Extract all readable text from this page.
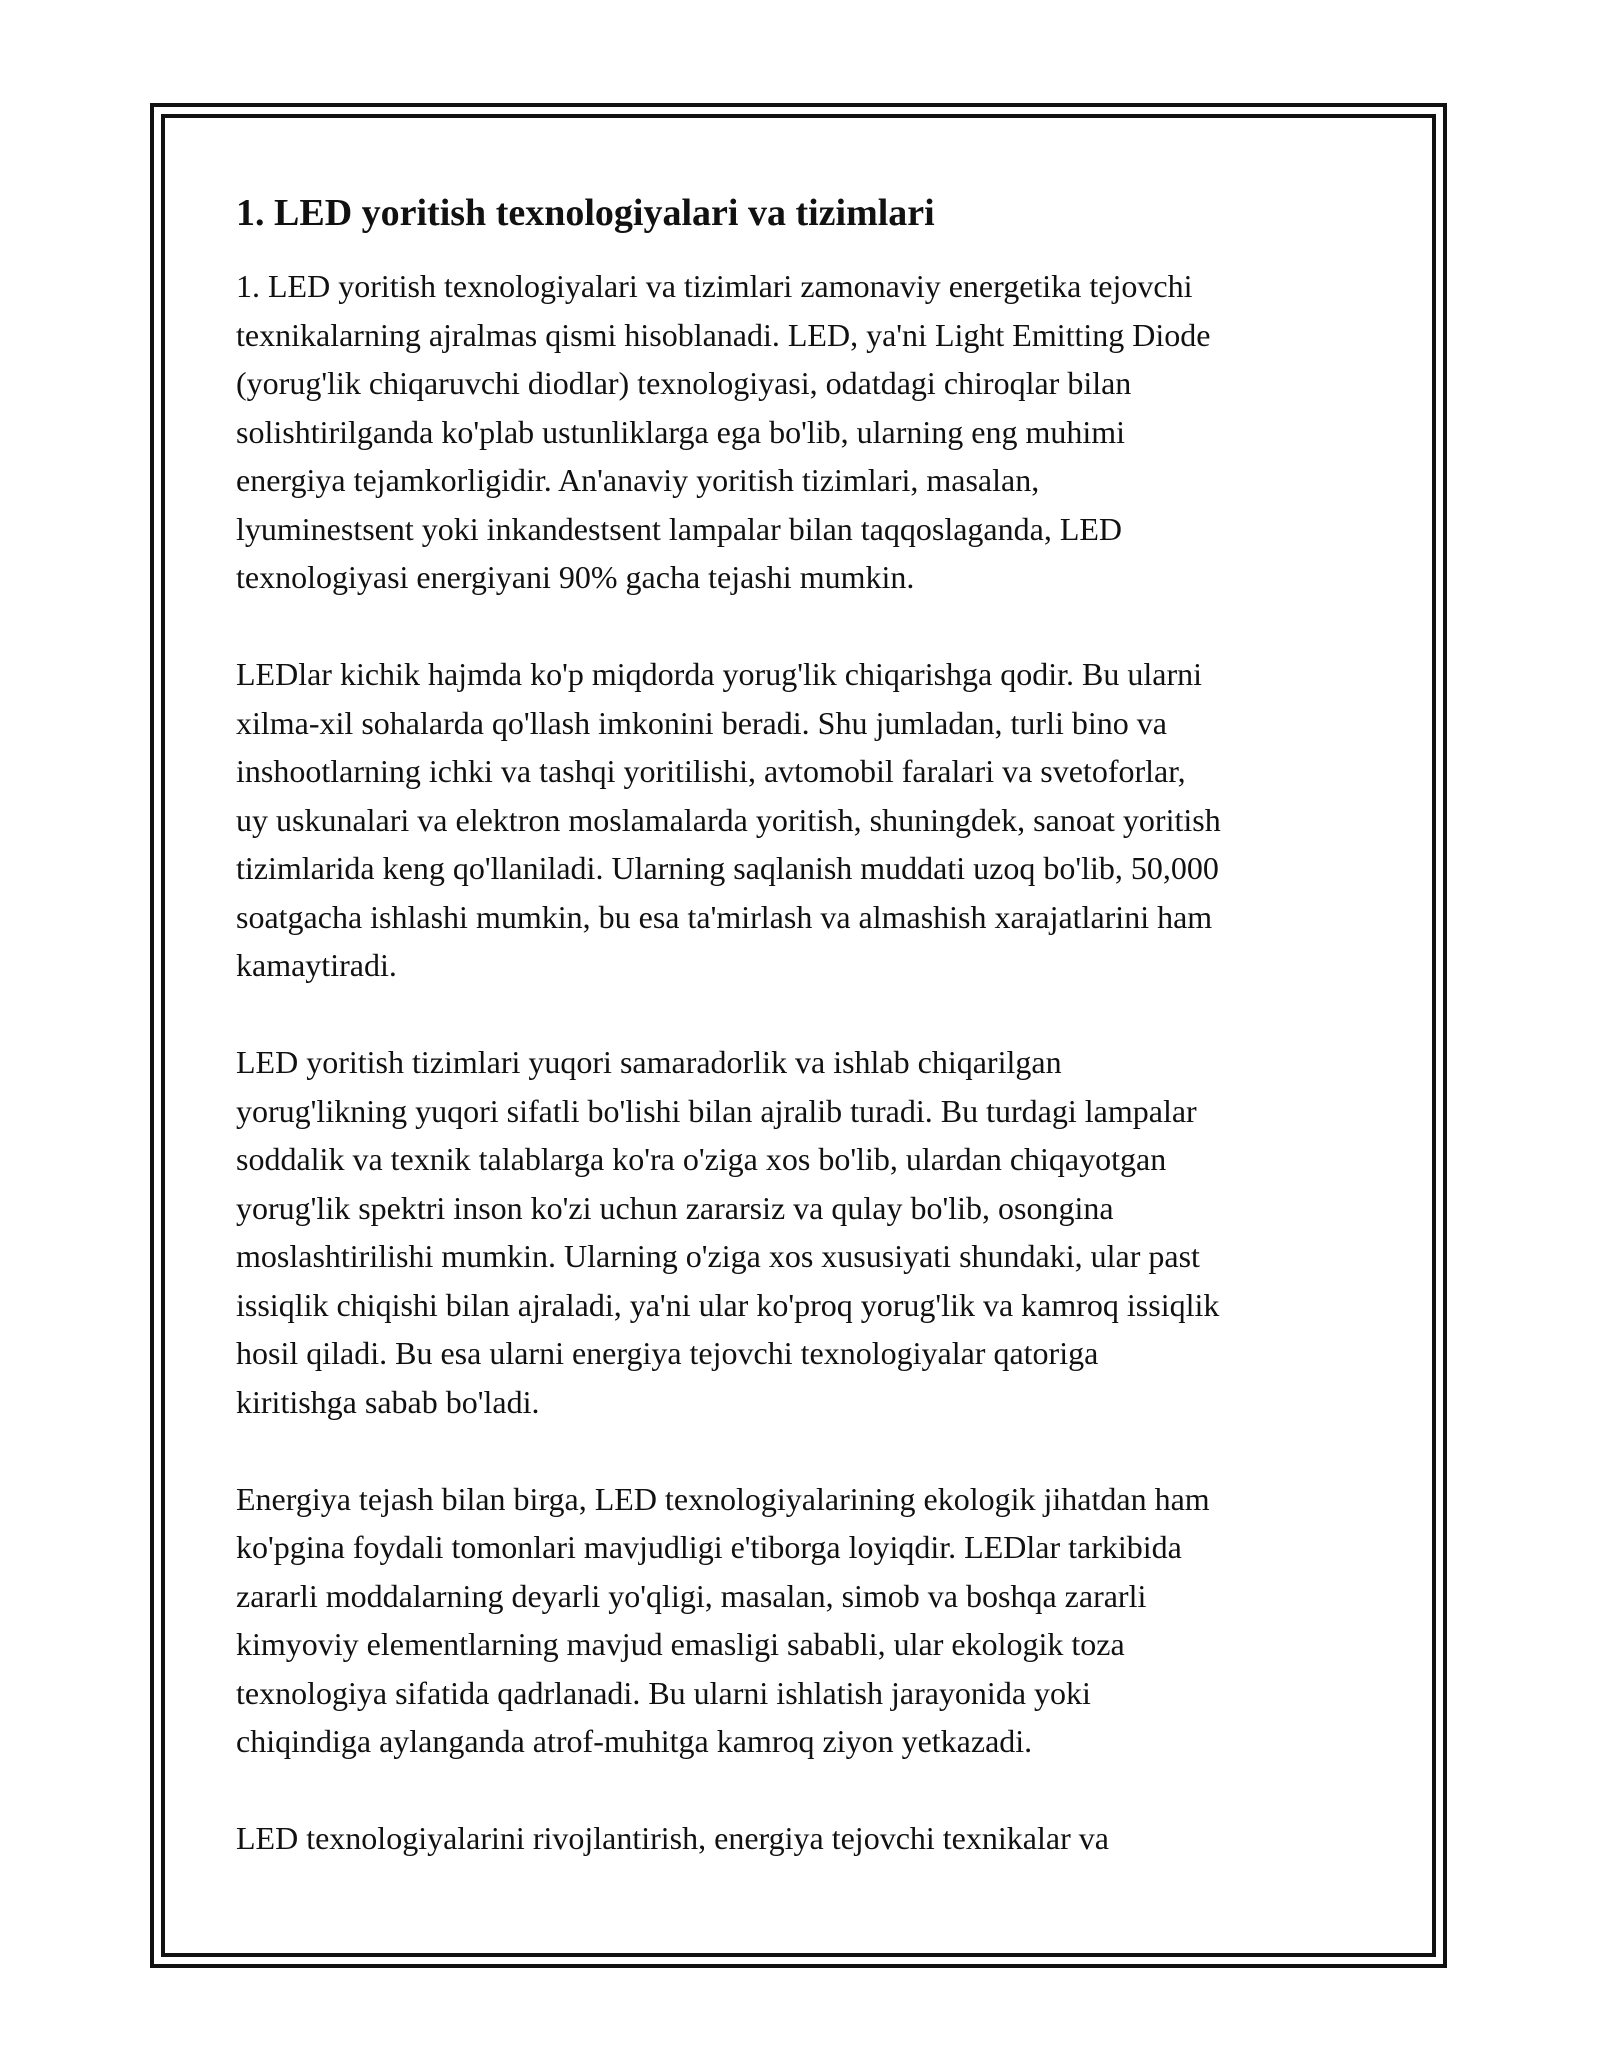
1. LED yoritish texnologiyalari va tizimlari

1. LED yoritish texnologiyalari va tizimlari zamonaviy energetika tejovchi
texnikalarning ajralmas qismi hisoblanadi. LED, ya'ni Light Emitting Diode
(yorug'lik chiqaruvchi diodlar) texnologiyasi, odatdagi chiroqlar bilan
solishtirilganda ko'plab ustunliklarga ega bo'lib, ularning eng muhimi
energiya tejamkorligidir. An'anaviy yoritish tizimlari, masalan,
lyuminestsent yoki inkandestsent lampalar bilan taqqoslaganda, LED
texnologiyasi energiyani 90% gacha tejashi mumkin.

LEDlar kichik hajmda ko'p miqdorda yorug'lik chiqarishga qodir. Bu ularni
xilma-xil sohalarda qo'llash imkonini beradi. Shu jumladan, turli bino va
inshootlarning ichki va tashqi yoritilishi, avtomobil faralari va svetoforlar,
uy uskunalari va elektron moslamalarda yoritish, shuningdek, sanoat yoritish
tizimlarida keng qo'llaniladi. Ularning saqlanish muddati uzoq bo'lib, 50,000
soatgacha ishlashi mumkin, bu esa ta'mirlash va almashish xarajatlarini ham
kamaytiradi.

LED yoritish tizimlari yuqori samaradorlik va ishlab chiqarilgan
yorug'likning yuqori sifatli bo'lishi bilan ajralib turadi. Bu turdagi lampalar
soddalik va texnik talablarga ko'ra o'ziga xos bo'lib, ulardan chiqayotgan
yorug'lik spektri inson ko'zi uchun zararsiz va qulay bo'lib, osongina
moslashtirilishi mumkin. Ularning o'ziga xos xususiyati shundaki, ular past
issiqlik chiqishi bilan ajraladi, ya'ni ular ko'proq yorug'lik va kamroq issiqlik
hosil qiladi. Bu esa ularni energiya tejovchi texnologiyalar qatoriga
kiritishga sabab bo'ladi.

Energiya tejash bilan birga, LED texnologiyalarining ekologik jihatdan ham
ko'pgina foydali tomonlari mavjudligi e'tiborga loyiqdir. LEDlar tarkibida
zararli moddalarning deyarli yo'qligi, masalan, simob va boshqa zararli
kimyoviy elementlarning mavjud emasligi sababli, ular ekologik toza
texnologiya sifatida qadrlanadi. Bu ularni ishlatish jarayonida yoki
chiqindiga aylanganda atrof-muhitga kamroq ziyon yetkazadi.

LED texnologiyalarini rivojlantirish, energiya tejovchi texnikalar va
